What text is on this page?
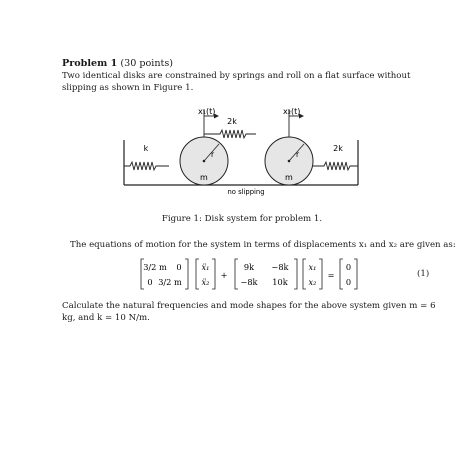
Problem 1 (30 points)
Two identical disks are constrained by springs and roll on a flat surface without slipping as shown in Figure 1.
k	2k
2k
r	r
m	m
x₁(t)	x₂(t)
no slipping
Figure 1: Disk system for problem 1.
The equations of motion for the system in terms of displacements x₁ and x₂ are given as:
3/2 m 0
0 3/2 m
ẍ₁
ẍ₂
+
9k −8k
−8k 10k
x₁
x₂
=
0
0
(1)
Calculate the natural frequencies and mode shapes for the above system given m = 6 kg, and k = 10 N/m.
